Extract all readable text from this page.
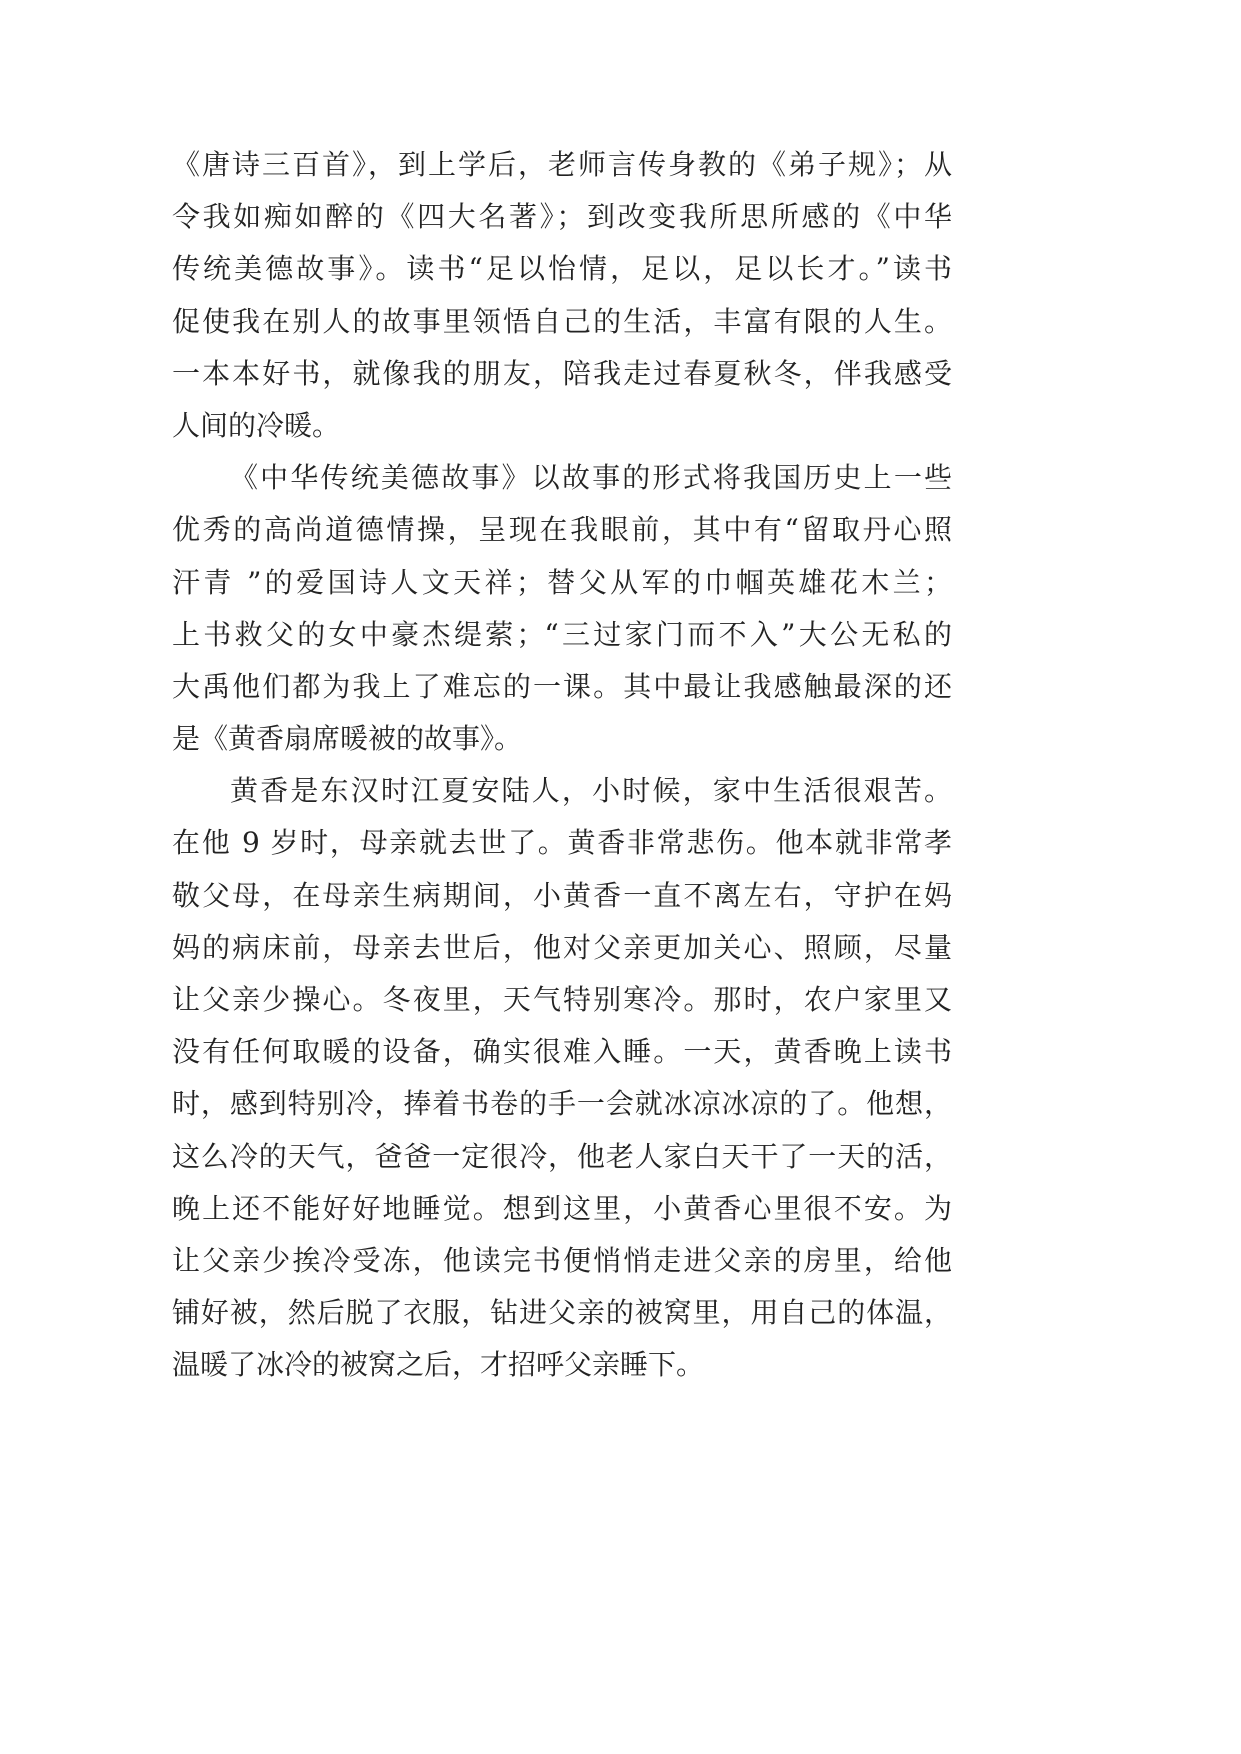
《唐诗三百首》，到上学后，老师言传身教的《弟子规》；从
令我如痴如醉的《四大名著》；到改变我所思所感的《中华
传统美德故事》。读书“足以怡情，足以，足以长才。”读书
促使我在别人的故事里领悟自己的生活，丰富有限的人生。
一本本好书，就像我的朋友，陪我走过春夏秋冬，伴我感受
人间的冷暖。
《中华传统美德故事》以故事的形式将我国历史上一些
优秀的高尚道德情操，呈现在我眼前，其中有“留取丹心照
汗青 ”的爱国诗人文天祥；替父从军的巾帼英雄花木兰；
上书救父的女中豪杰缇萦；“三过家门而不入”大公无私的
大禹他们都为我上了难忘的一课。其中最让我感触最深的还
是《黄香扇席暖被的故事》。
黄香是东汉时江夏安陆人，小时候，家中生活很艰苦。
在他 9 岁时，母亲就去世了。黄香非常悲伤。他本就非常孝
敬父母，在母亲生病期间，小黄香一直不离左右，守护在妈
妈的病床前，母亲去世后，他对父亲更加关心、照顾，尽量
让父亲少操心。冬夜里，天气特别寒冷。那时，农户家里又
没有任何取暖的设备，确实很难入睡。一天，黄香晚上读书
时，感到特别冷，捧着书卷的手一会就冰凉冰凉的了。他想，
这么冷的天气，爸爸一定很冷，他老人家白天干了一天的活，
晚上还不能好好地睡觉。想到这里，小黄香心里很不安。为
让父亲少挨冷受冻，他读完书便悄悄走进父亲的房里，给他
铺好被，然后脱了衣服，钻进父亲的被窝里，用自己的体温，
温暖了冰冷的被窝之后，才招呼父亲睡下。
